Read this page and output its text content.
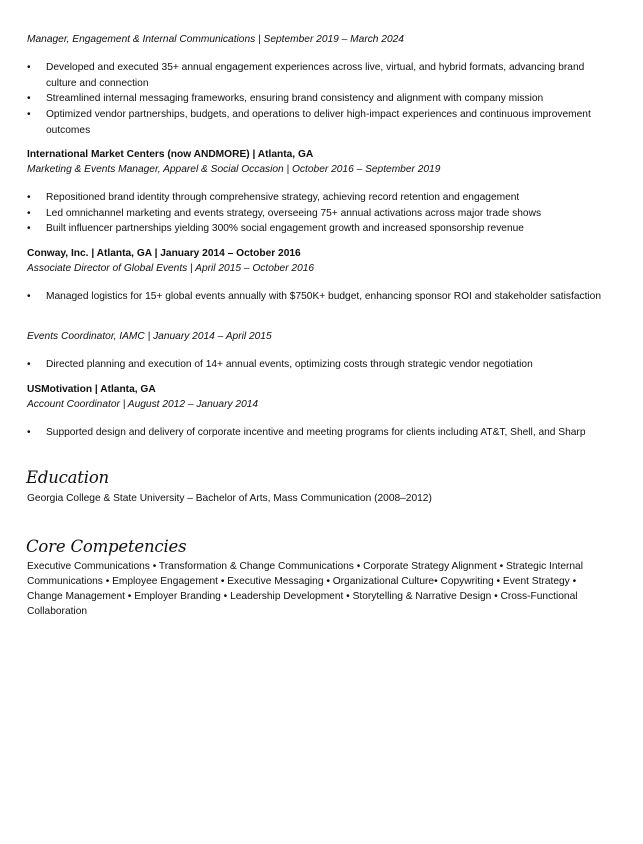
Manager, Engagement & Internal Communications | September 2019 – March 2024
•	Developed and executed 35+ annual engagement experiences across live, virtual, and hybrid formats, advancing brand culture and connection
•	Streamlined internal messaging frameworks, ensuring brand consistency and alignment with company mission
•	Optimized vendor partnerships, budgets, and operations to deliver high-impact experiences and continuous improvement outcomes
International Market Centers (now ANDMORE) | Atlanta, GA
Marketing & Events Manager, Apparel & Social Occasion | October 2016 – September 2019
•	Repositioned brand identity through comprehensive strategy, achieving record retention and engagement
•	Led omnichannel marketing and events strategy, overseeing 75+ annual activations across major trade shows
•	Built influencer partnerships yielding 300% social engagement growth and increased sponsorship revenue
Conway, Inc. | Atlanta, GA | January 2014 – October 2016
Associate Director of Global Events | April 2015 – October 2016
•	Managed logistics for 15+ global events annually with $750K+ budget, enhancing sponsor ROI and stakeholder satisfaction
Events Coordinator, IAMC | January 2014 – April 2015
•	Directed planning and execution of 14+ annual events, optimizing costs through strategic vendor negotiation
USMotivation | Atlanta, GA
Account Coordinator | August 2012 – January 2014
•	Supported design and delivery of corporate incentive and meeting programs for clients including AT&T, Shell, and Sharp
Education
Georgia College & State University – Bachelor of Arts, Mass Communication (2008–2012)
Core Competencies
Executive Communications • Transformation & Change Communications • Corporate Strategy Alignment • Strategic Internal
Communications • Employee Engagement • Executive Messaging • Organizational Culture• Copywriting • Event Strategy •
Change Management • Employer Branding • Leadership Development • Storytelling & Narrative Design • Cross-Functional
Collaboration
